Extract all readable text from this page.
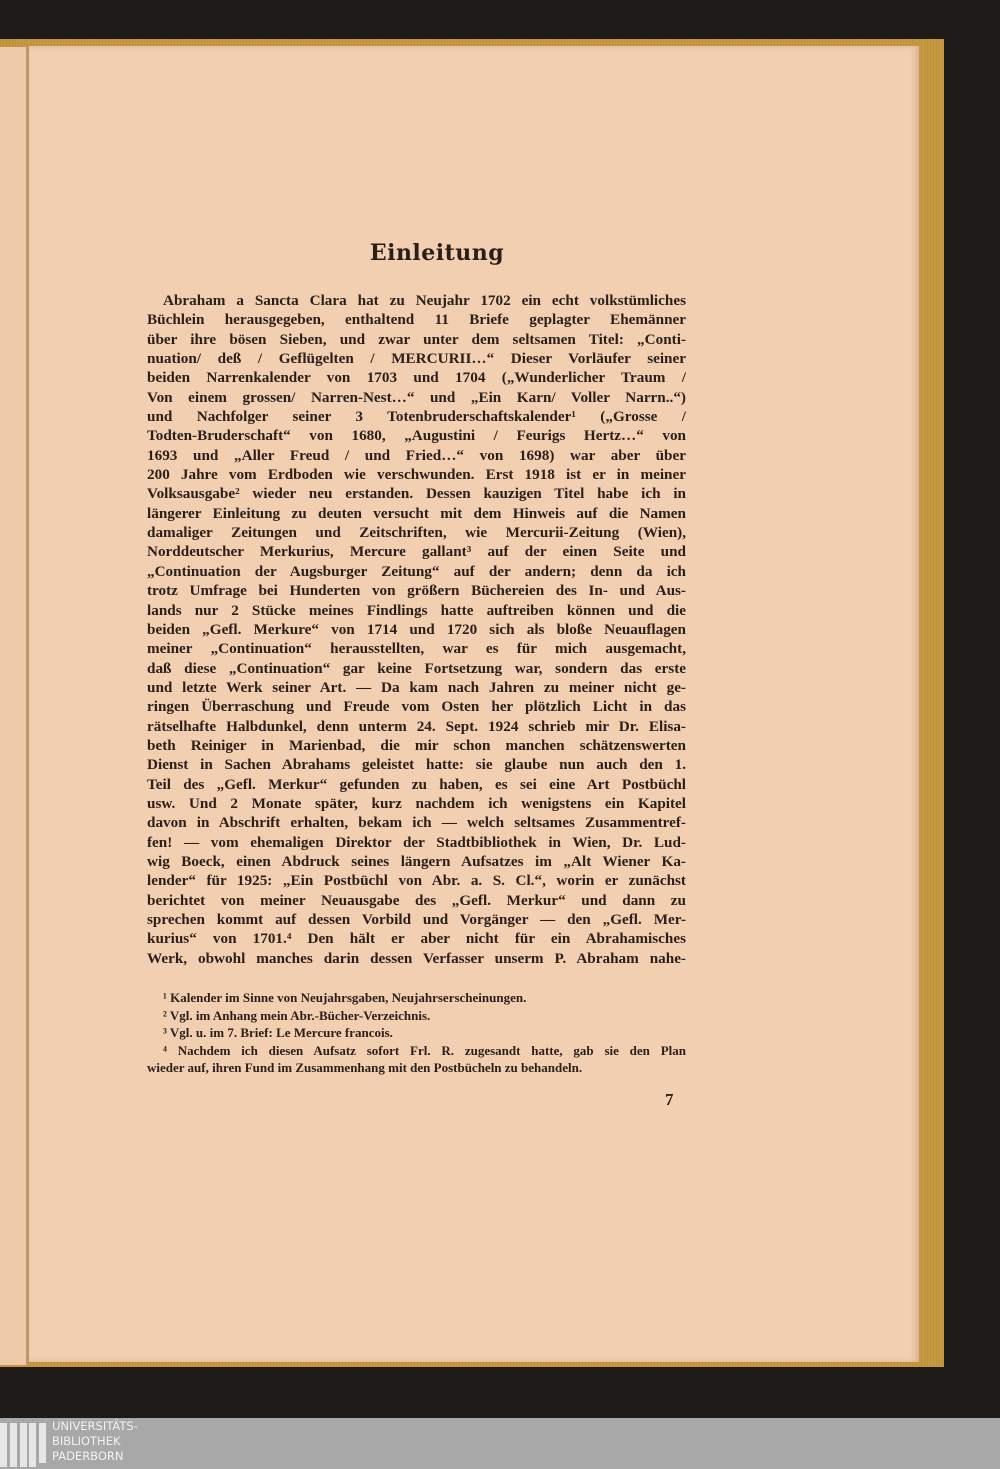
Einleitung
Abraham a Sancta Clara hat zu Neujahr 1702 ein echt volkstümliches
Büchlein herausgegeben, enthaltend 11 Briefe geplagter Ehemänner
über ihre bösen Sieben, und zwar unter dem seltsamen Titel: „Conti-
nuation/ deß / Geflügelten / MERCURII…“ Dieser Vorläufer seiner
beiden Narrenkalender von 1703 und 1704 („Wunderlicher Traum /
Von einem grossen/ Narren-Nest…“ und „Ein Karn/ Voller Narrn..“)
und Nachfolger seiner 3 Totenbruderschaftskalender¹ („Grosse /
Todten-Bruderschaft“ von 1680, „Augustini / Feurigs Hertz…“ von
1693 und „Aller Freud / und Fried…“ von 1698) war aber über
200 Jahre vom Erdboden wie verschwunden. Erst 1918 ist er in meiner
Volksausgabe² wieder neu erstanden. Dessen kauzigen Titel habe ich in
längerer Einleitung zu deuten versucht mit dem Hinweis auf die Namen
damaliger Zeitungen und Zeitschriften, wie Mercurii-Zeitung (Wien),
Norddeutscher Merkurius, Mercure gallant³ auf der einen Seite und
„Continuation der Augsburger Zeitung“ auf der andern; denn da ich
trotz Umfrage bei Hunderten von größern Büchereien des In- und Aus-
lands nur 2 Stücke meines Findlings hatte auftreiben können und die
beiden „Gefl. Merkure“ von 1714 und 1720 sich als bloße Neuauflagen
meiner „Continuation“ herausstellten, war es für mich ausgemacht,
daß diese „Continuation“ gar keine Fortsetzung war, sondern das erste
und letzte Werk seiner Art. — Da kam nach Jahren zu meiner nicht ge-
ringen Überraschung und Freude vom Osten her plötzlich Licht in das
rätselhafte Halbdunkel, denn unterm 24. Sept. 1924 schrieb mir Dr. Elisa-
beth Reiniger in Marienbad, die mir schon manchen schätzenswerten
Dienst in Sachen Abrahams geleistet hatte: sie glaube nun auch den 1.
Teil des „Gefl. Merkur“ gefunden zu haben, es sei eine Art Postbüchl
usw. Und 2 Monate später, kurz nachdem ich wenigstens ein Kapitel
davon in Abschrift erhalten, bekam ich — welch seltsames Zusammentref-
fen! — vom ehemaligen Direktor der Stadtbibliothek in Wien, Dr. Lud-
wig Boeck, einen Abdruck seines längern Aufsatzes im „Alt Wiener Ka-
lender“ für 1925: „Ein Postbüchl von Abr. a. S. Cl.“, worin er zunächst
berichtet von meiner Neuausgabe des „Gefl. Merkur“ und dann zu
sprechen kommt auf dessen Vorbild und Vorgänger — den „Gefl. Mer-
kurius“ von 1701.⁴ Den hält er aber nicht für ein Abrahamisches
Werk, obwohl manches darin dessen Verfasser unserm P. Abraham nahe-
¹ Kalender im Sinne von Neujahrsgaben, Neujahrserscheinungen.
² Vgl. im Anhang mein Abr.-Bücher-Verzeichnis.
³ Vgl. u. im 7. Brief: Le Mercure francois.
⁴ Nachdem ich diesen Aufsatz sofort Frl. R. zugesandt hatte, gab sie den Plan
wieder auf, ihren Fund im Zusammenhang mit den Postbücheln zu behandeln.
7
UNIVERSITÄTS-
BIBLIOTHEK
PADERBORN
